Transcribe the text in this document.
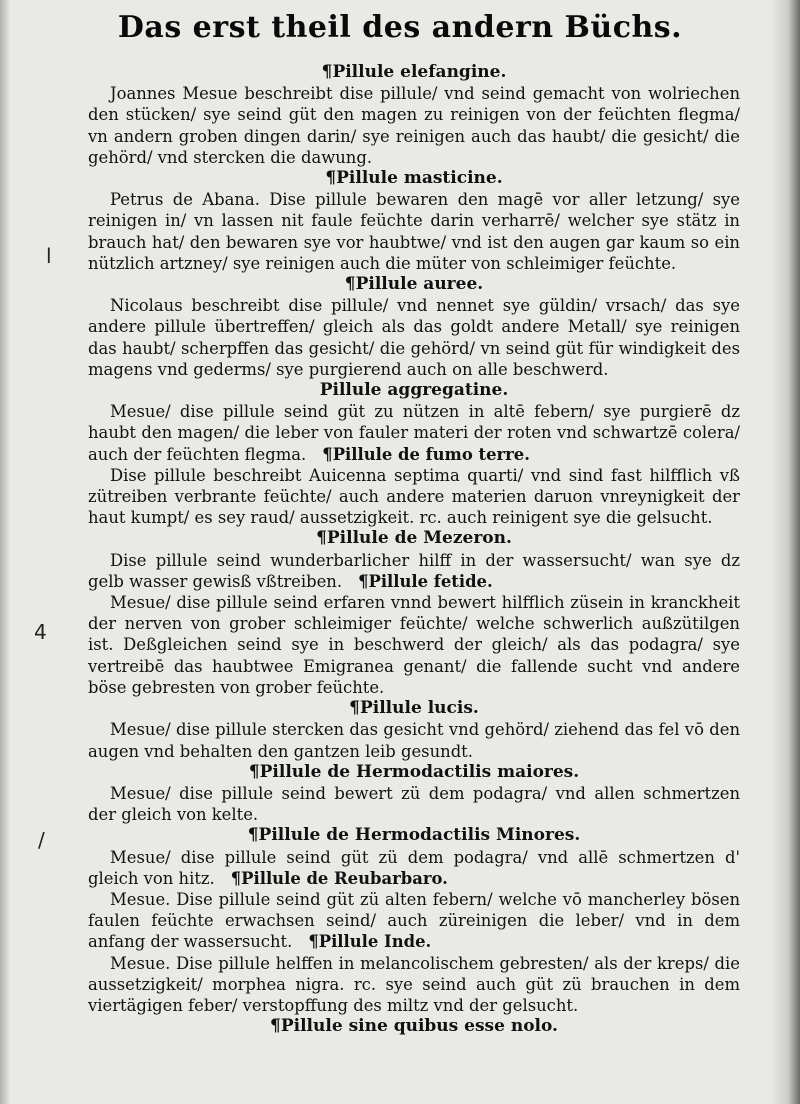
Das erst theil des andern Büchs.
l
4
/
¶Pillule elefangine.

Joannes Mesue beschreibt dise pillule/ vnd seind gemacht von wolriechen den stücken/ sye seind güt den magen zu reinigen von der feüchten flegma/ vn andern groben dingen darin/ sye reinigen auch das haubt/ die gesicht/ die gehörd/ vnd stercken die dawung.

¶Pillule masticine.

Petrus de Abana. Dise pillule bewaren den magē vor aller letzung/ sye reinigen in/ vn lassen nit faule feüchte darin verharrē/ welcher sye stätz in brauch hat/ den bewaren sye vor haubtwe/ vnd ist den augen gar kaum so ein nützlich artzney/ sye reinigen auch die müter von schleimiger feüchte.

¶Pillule auree.

Nicolaus beschreibt dise pillule/ vnd nennet sye güldin/ vrsach/ das sye andere pillule übertreffen/ gleich als das goldt andere Metall/ sye reinigen das haubt/ scherpffen das gesicht/ die gehörd/ vn seind güt für windigkeit des magens vnd gederms/ sye purgierend auch on alle beschwerd.

Pillule aggregatine.

Mesue/ dise pillule seind güt zu nützen in altē febern/ sye purgierē dz haubt den magen/ die leber von fauler materi der roten vnd schwartzē colera/ auch der feüchten flegma. ¶Pillule de fumo terre.

Dise pillule beschreibt Auicenna septima quarti/ vnd sind fast hilfflich vß zütreiben verbrante feüchte/ auch andere materien daruon vnreynigkeit der haut kumpt/ es sey raud/ aussetzigkeit. rc. auch reinigent sye die gelsucht.

¶Pillule de Mezeron.

Dise pillule seind wunderbarlicher hilff in der wassersucht/ wan sye dz gelb wasser gewisß vßtreiben. ¶Pillule fetide.

Mesue/ dise pillule seind erfaren vnnd bewert hilfflich züsein in kranckheit der nerven von grober schleimiger feüchte/ welche schwerlich außzütilgen ist. Deßgleichen seind sye in beschwerd der gleich/ als das podagra/ sye vertreibē das haubtwee Emigranea genant/ die fallende sucht vnd andere böse gebresten von grober feüchte.

¶Pillule lucis.

Mesue/ dise pillule stercken das gesicht vnd gehörd/ ziehend das fel vō den augen vnd behalten den gantzen leib gesundt.

¶Pillule de Hermodactilis maiores.

Mesue/ dise pillule seind bewert zü dem podagra/ vnd allen schmertzen der gleich von kelte.

¶Pillule de Hermodactilis Minores.

Mesue/ dise pillule seind güt zü dem podagra/ vnd allē schmertzen d' gleich von hitz. ¶Pillule de Reubarbaro.

Mesue. Dise pillule seind güt zü alten febern/ welche vō mancherley bösen faulen feüchte erwachsen seind/ auch züreinigen die leber/ vnd in dem anfang der wassersucht. ¶Pillule Inde.

Mesue. Dise pillule helffen in melancolischem gebresten/ als der kreps/ die aussetzigkeit/ morphea nigra. rc. sye seind auch güt zü brauchen in dem viertägigen feber/ verstopffung des miltz vnd der gelsucht.

¶Pillule sine quibus esse nolo.
